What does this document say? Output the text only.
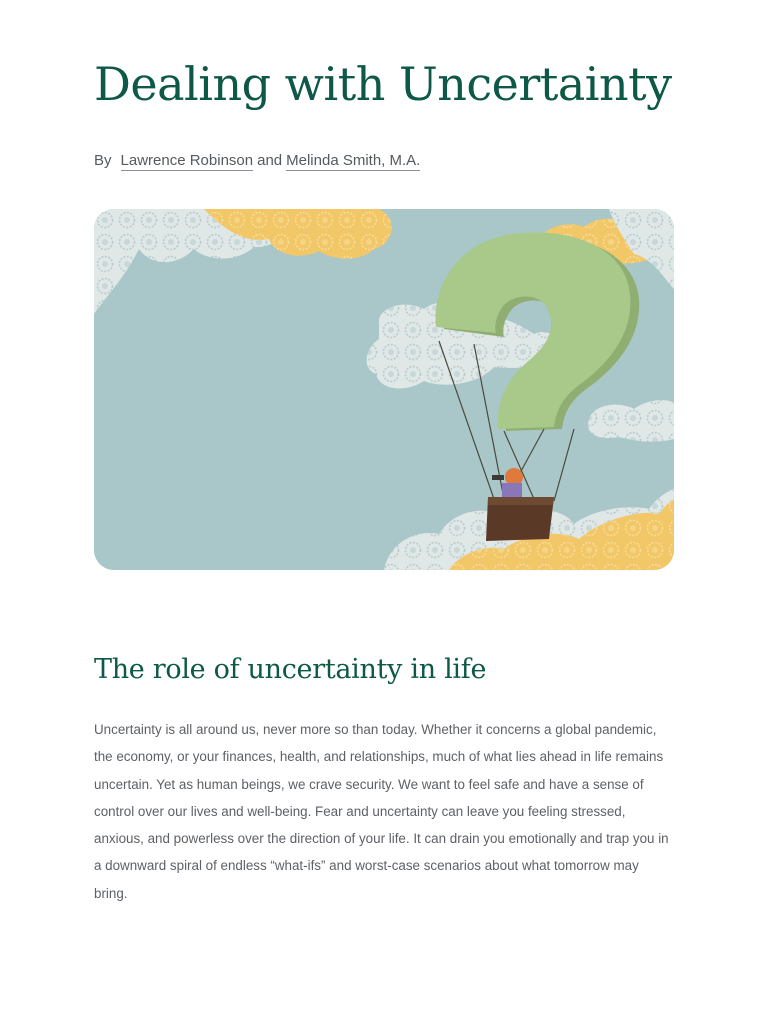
Dealing with Uncertainty
By Lawrence Robinson and Melinda Smith, M.A.
The role of uncertainty in life

Uncertainty is all around us, never more so than today. Whether it concerns a global pandemic, the economy, or your finances, health, and relationships, much of what lies ahead in life remains uncertain. Yet as human beings, we crave security. We want to feel safe and have a sense of control over our lives and well-being. Fear and uncertainty can leave you feeling stressed, anxious, and powerless over the direction of your life. It can drain you emotionally and trap you in a downward spiral of endless “what-ifs” and worst-case scenarios about what tomorrow may bring.
